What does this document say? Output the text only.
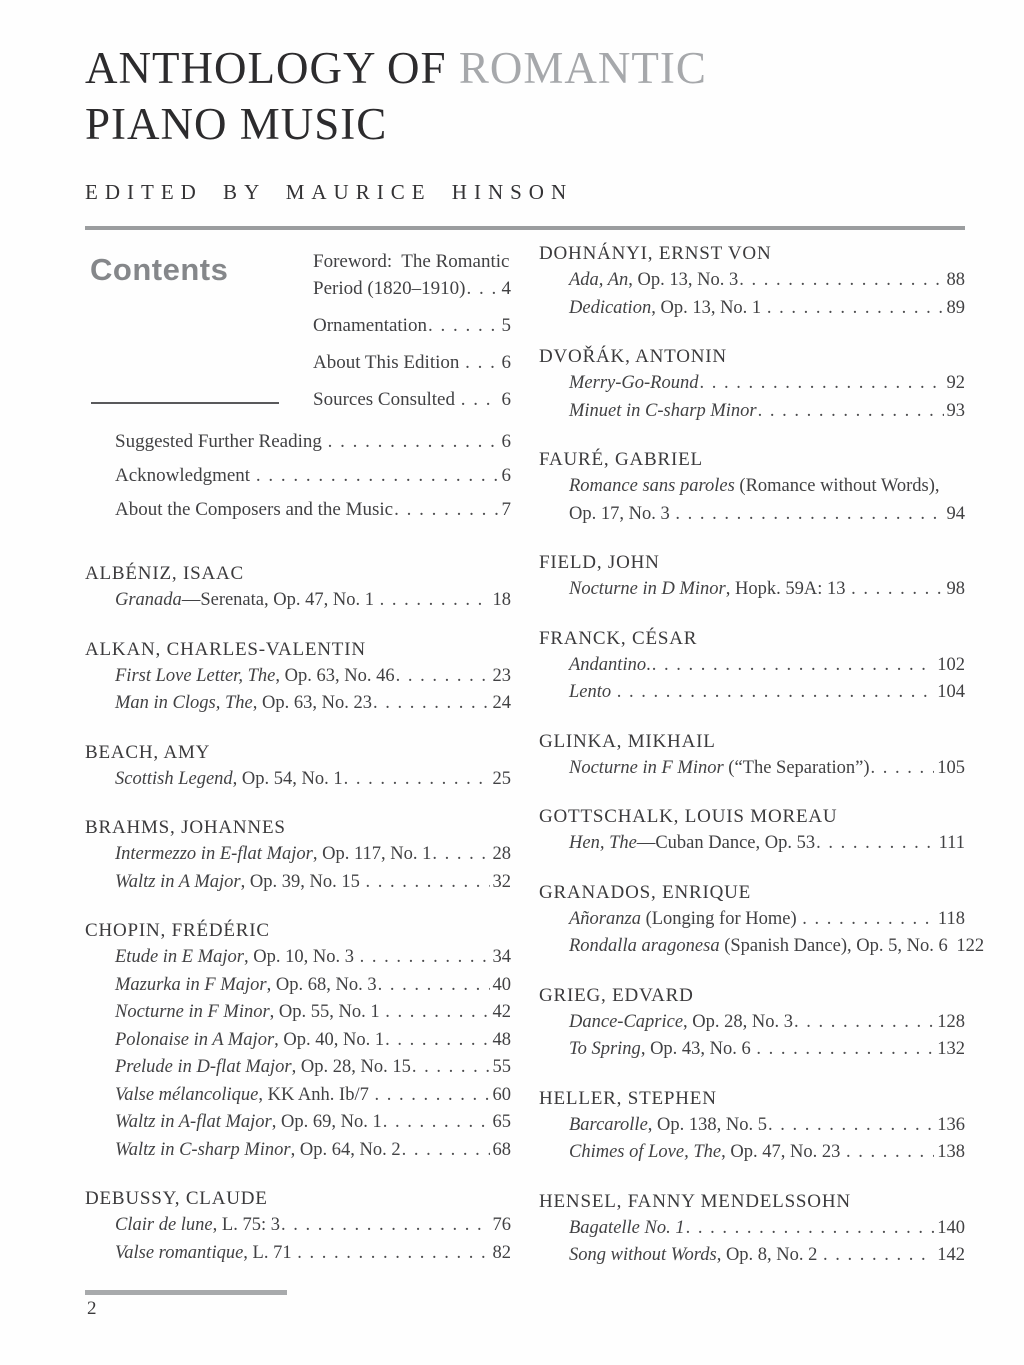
ANTHOLOGY OF ROMANTIC
PIANO MUSIC
EDITED BY MAURICE HINSON
Contents	Foreword:  The Romantic
Period (1820–1910) . . . 4
Ornamentation . . .	5
About This Edition . . . 6
Sources Consulted . . . 6
Suggested Further Reading . . .	6
Acknowledgment . . .	6
About the Composers and the Music . . .	7
ALBÉNIZ, ISAAC
Granada —Serenata, Op. 47, No. 1 . . .	18
ALKAN, CHARLES-VALENTIN
First Love Letter, The , Op. 63, No. 46 . . .	23
Man in Clogs, The , Op. 63, No. 23 . . .	24
BEACH, AMY
Scottish Legend , Op. 54, No. 1 . . .	25
BRAHMS, JOHANNES
Intermezzo in E-flat Major , Op. 117, No. 1 . . .	28
Waltz in A Major , Op. 39, No. 15 . . .	32
CHOPIN, FRÉDÉRIC
Etude in E Major , Op. 10, No. 3 . . .	34
Mazurka in F Major , Op. 68, No. 3 . . .	40
Nocturne in F Minor , Op. 55, No. 1 . . .	42
Polonaise in A Major , Op. 40, No. 1 . . .	48
Prelude in D-flat Major , Op. 28, No. 15 . . .	55
Valse mélancolique , KK Anh. Ib/7 . . .	60
Waltz in A-flat Major , Op. 69, No. 1 . . .	65
Waltz in C-sharp Minor , Op. 64, No. 2 . . .	68
DEBUSSY, CLAUDE
Clair de lune , L. 75: 3 . . .	76
Valse romantique , L. 71 . . .	82
DOHNÁNYI, ERNST VON
Ada, An , Op. 13, No. 3 . . .	88
Dedication , Op. 13, No. 1 . . .	89
DVOŘÁK, ANTONIN
Merry-Go-Round . . .	92
Minuet in C-sharp Minor . . .	93
FAURÉ, GABRIEL
Romance sans paroles (Romance without Words),
Op. 17, No. 3 . . .	94
FIELD, JOHN
Nocturne in D Minor , Hopk. 59A: 13 . . .	98
FRANCK, CÉSAR
Andantino . . . .	102
Lento . . .	104
GLINKA, MIKHAIL
Nocturne in F Minor (“The Separation”) . . .	105
GOTTSCHALK, LOUIS MOREAU
Hen, The —Cuban Dance, Op. 53 . . .	111
GRANADOS, ENRIQUE
Añoranza (Longing for Home) . . .	118
Rondalla aragonesa (Spanish Dance), Op. 5, No. 6 122
GRIEG, EDVARD
Dance-Caprice , Op. 28, No. 3 . . .	128
To Spring , Op. 43, No. 6 . . .	132
HELLER, STEPHEN
Barcarolle , Op. 138, No. 5 . . .	136
Chimes of Love, The , Op. 47, No. 23 . . .	138
HENSEL, FANNY MENDELSSOHN
Bagatelle No. 1 . . .	140
Song without Words , Op. 8, No. 2 . . .	142
2
